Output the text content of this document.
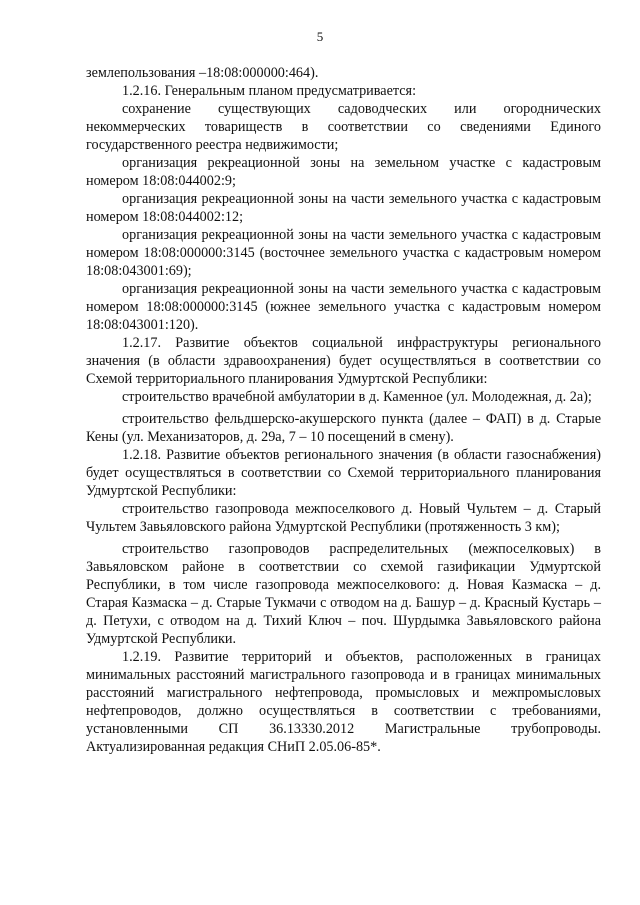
5

землепользования –18:08:000000:464).

1.2.16. Генеральным планом предусматривается:

сохранение существующих садоводческих или огороднических некоммерческих товариществ в соответствии со сведениями Единого государственного реестра недвижимости;

организация рекреационной зоны на земельном участке с кадастровым номером 18:08:044002:9;

организация рекреационной зоны на части земельного участка с кадастровым номером 18:08:044002:12;

организация рекреационной зоны на части земельного участка с кадастровым номером 18:08:000000:3145 (восточнее земельного участка с кадастровым номером 18:08:043001:69);

организация рекреационной зоны на части земельного участка с кадастровым номером 18:08:000000:3145 (южнее земельного участка с кадастровым номером 18:08:043001:120).

1.2.17. Развитие объектов социальной инфраструктуры регионального значения (в области здравоохранения) будет осуществляться в соответствии со Схемой территориального планирования Удмуртской Республики:

строительство врачебной амбулатории в д. Каменное (ул. Молодежная, д. 2а);

строительство фельдшерско-акушерского пункта (далее – ФАП) в д. Старые Кены (ул. Механизаторов, д. 29а, 7 – 10 посещений в смену).

1.2.18. Развитие объектов регионального значения (в области газоснабжения) будет осуществляться в соответствии со Схемой территориального планирования Удмуртской Республики:

строительство газопровода межпоселкового д. Новый Чультем – д. Старый Чультем Завьяловского района Удмуртской Республики (протяженность 3 км);

строительство газопроводов распределительных (межпоселковых) в Завьяловском районе в соответствии со схемой газификации Удмуртской Республики, в том числе газопровода межпоселкового: д. Новая Казмаска – д. Старая Казмаска – д. Старые Тукмачи с отводом на д. Башур – д. Красный Кустарь – д. Петухи, с отводом на д. Тихий Ключ – поч. Шурдымка Завьяловского района Удмуртской Республики.

1.2.19. Развитие территорий и объектов, расположенных в границах минимальных расстояний магистрального газопровода и в границах минимальных расстояний магистрального нефтепровода, промысловых и межпромысловых нефтепроводов, должно осуществляться в соответствии с требованиями, установленными СП 36.13330.2012 Магистральные трубопроводы. Актуализированная редакция СНиП 2.05.06-85*.
